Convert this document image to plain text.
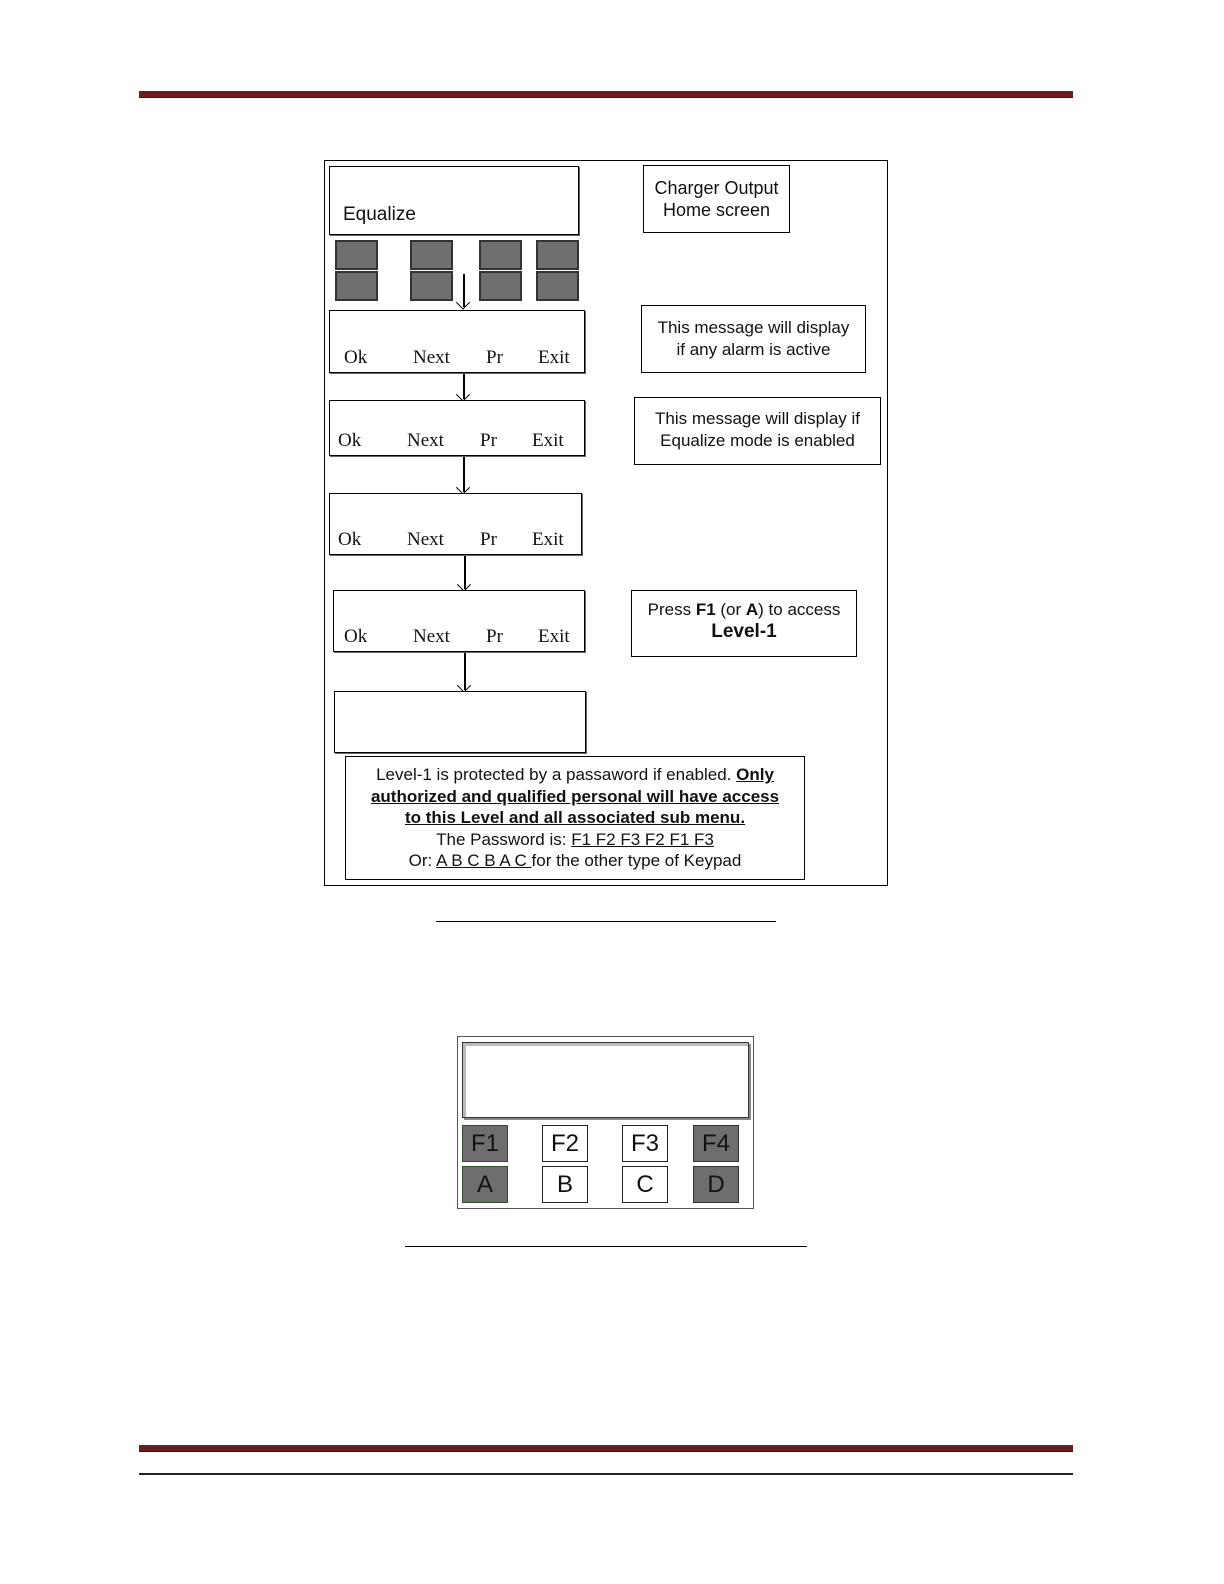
Equalize
Ok Next Pr Exit
Ok Next Pr Exit
Ok Next Pr Exit
Ok Next Pr Exit
Charger Output
Home screen
This message will display
if any alarm is active
This message will display if
Equalize mode is enabled
Press F1 (or A) to access
Level-1
Level-1 is protected by a passaword if enabled. Only
authorized and qualified personal will have access
to this Level and all associated sub menu.
The Password is: F1 F2 F3 F2 F1 F3
Or: A B C B A C for the other type of Keypad
F1	F2	F3	F4
A	B	C	D
